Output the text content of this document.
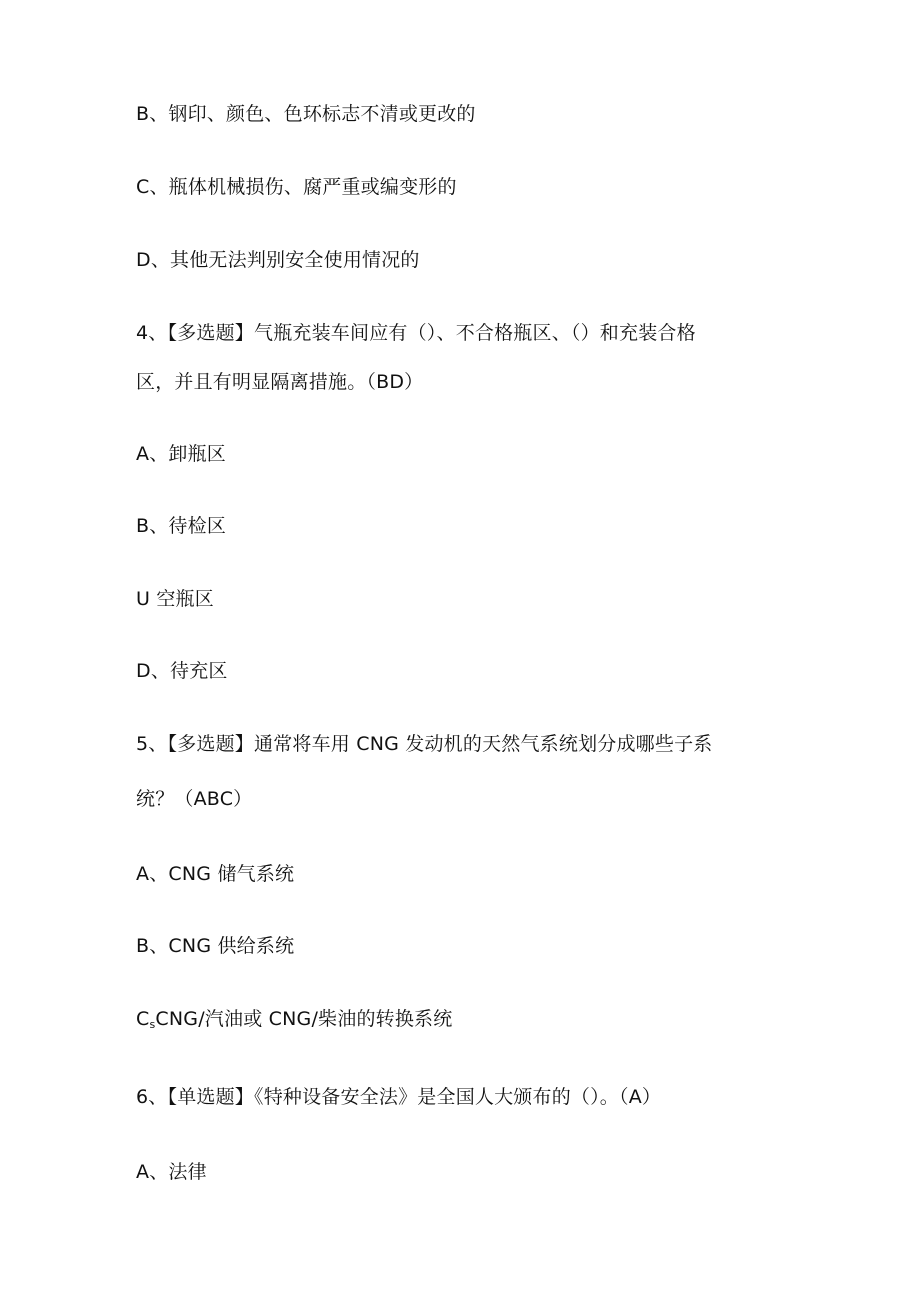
B、钢印、颜色、色环标志不清或更改的
C、瓶体机械损伤、腐严重或编变形的
D、其他无法判别安全使用情况的
4、【多选题】气瓶充装车间应有（）、不合格瓶区、（）和充装合格
区，并且有明显隔离措施。（BD）
A、卸瓶区
B、待检区
U 空瓶区
D、待充区
5、【多选题】通常将车用 CNG 发动机的天然气系统划分成哪些子系
统？（ABC）
A、CNG 储气系统
B、CNG 供给系统
$C_sCNG/$汽油或 CNG/柴油的转换系统
6、【单选题】《特种设备安全法》是全国人大颁布的（）。（A）
A、法律
